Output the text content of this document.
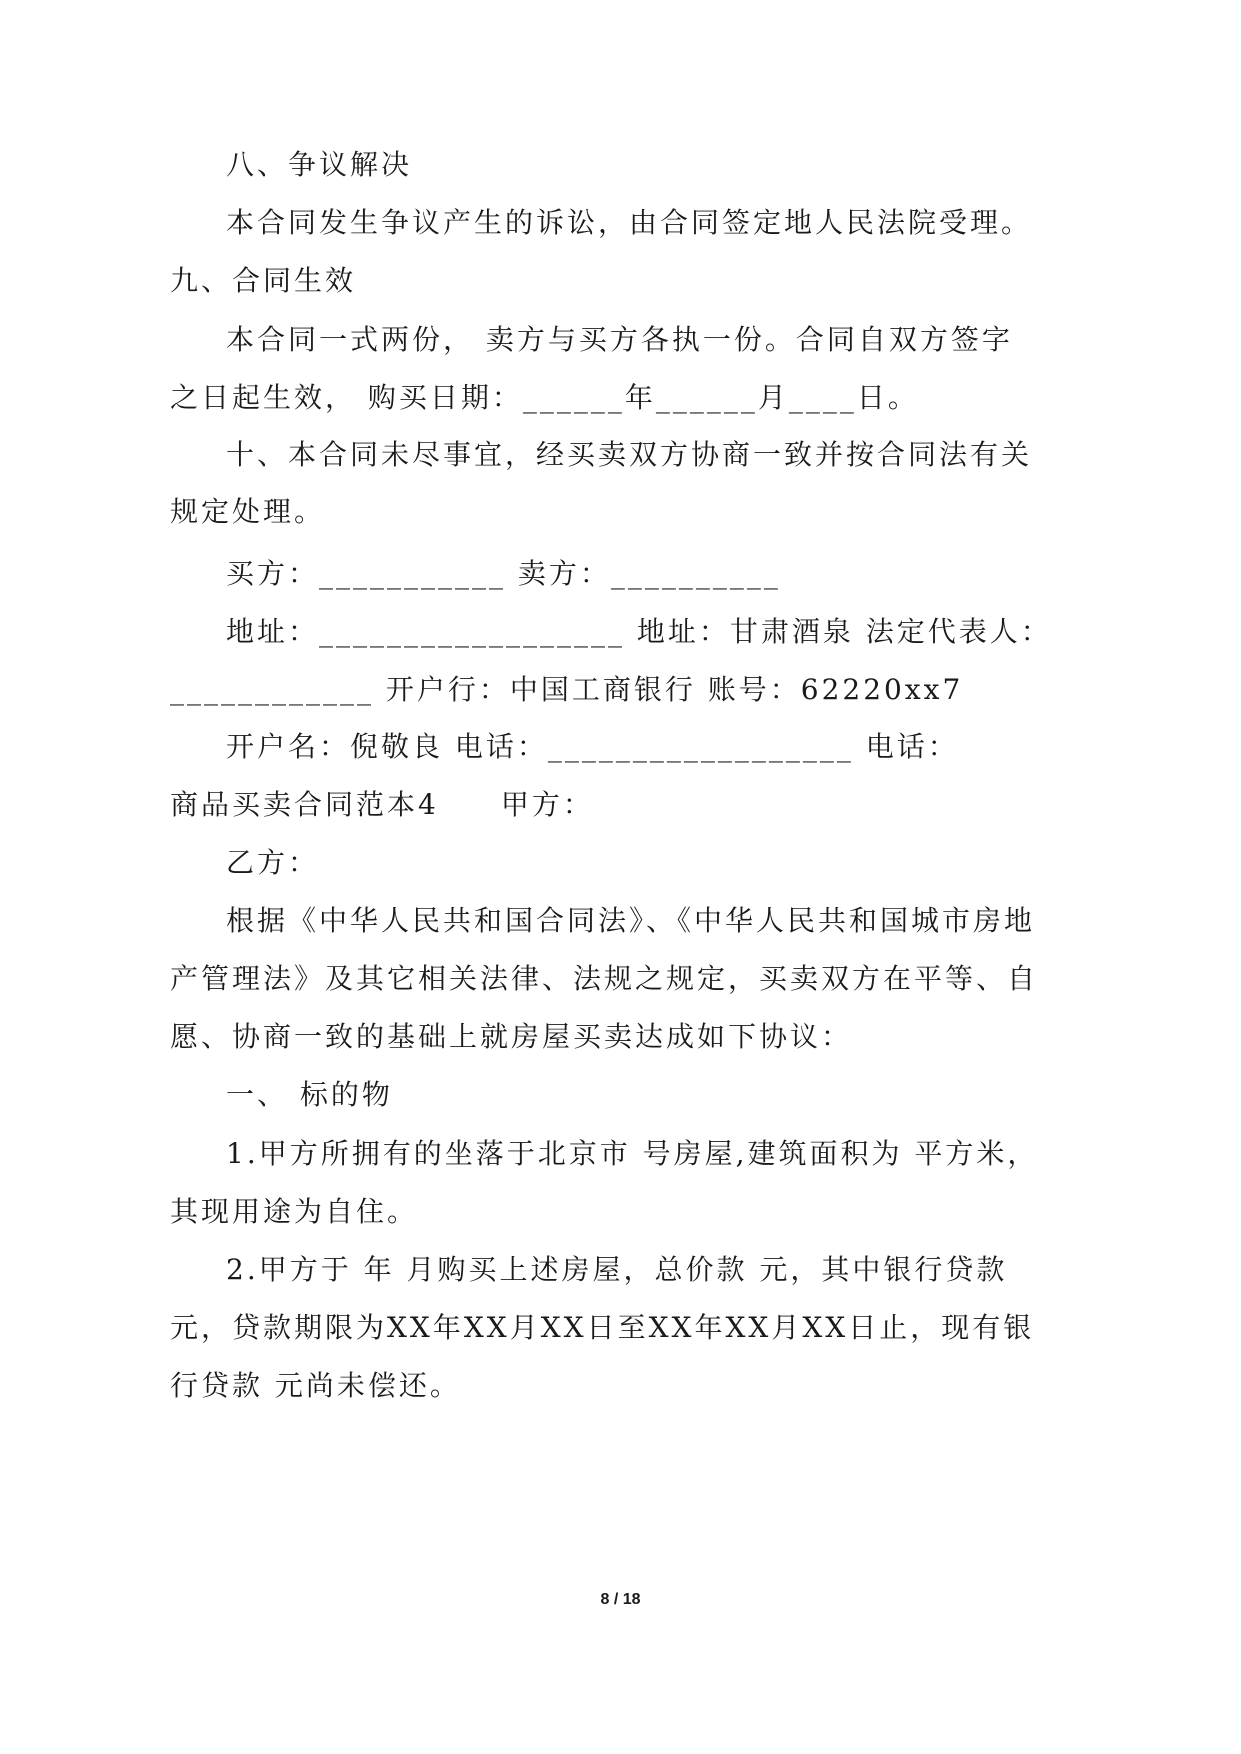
八、争议解决
本合同发生争议产生的诉讼，由合同签定地人民法院受理。
九、合同生效
本合同一式两份， 卖方与买方各执一份。合同自双方签字
之日起生效， 购买日期：______年______月____日。
十、本合同未尽事宜，经买卖双方协商一致并按合同法有关
规定处理。
买方：___________ 卖方：__________
地址：__________________ 地址：甘肃酒泉 法定代表人：
____________ 开户行：中国工商银行 账号：62220xx7
开户名：倪敬良 电话：__________________ 电话：
商品买卖合同范本4　　甲方：
乙方：
根据《中华人民共和国合同法》、《中华人民共和国城市房地
产管理法》及其它相关法律、法规之规定，买卖双方在平等、自
愿、协商一致的基础上就房屋买卖达成如下协议：
一、 标的物
1.甲方所拥有的坐落于北京市 号房屋,建筑面积为 平方米，
其现用途为自住。
2.甲方于 年 月购买上述房屋，总价款 元，其中银行贷款
元，贷款期限为XX年XX月XX日至XX年XX月XX日止，现有银
行贷款 元尚未偿还。
8 / 18
